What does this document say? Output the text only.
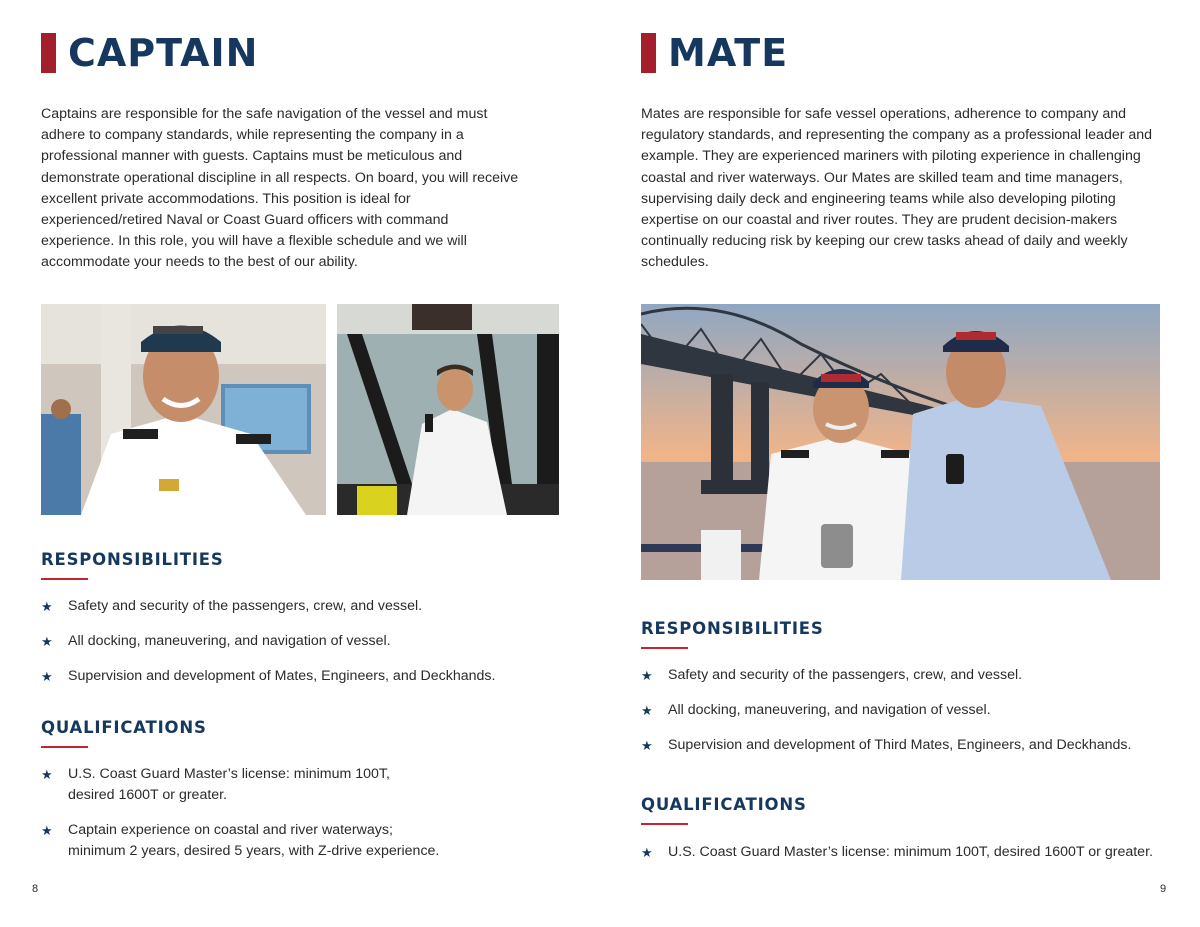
CAPTAIN

Captains are responsible for the safe navigation of the vessel and must adhere to company standards, while representing the company in a professional manner with guests. Captains must be meticulous and demonstrate operational discipline in all respects. On board, you will receive excellent private accommodations. This position is ideal for experienced/retired Naval or Coast Guard officers with command experience. In this role, you will have a flexible schedule and we will accommodate your needs to the best of our ability.

RESPONSIBILITIES
★ Safety and security of the passengers, crew, and vessel.
★ All docking, maneuvering, and navigation of vessel.
★ Supervision and development of Mates, Engineers, and Deckhands.
QUALIFICATIONS
★ U.S. Coast Guard Master’s license: minimum 100T,
desired 1600T or greater.
★ Captain experience on coastal and river waterways;
minimum 2 years, desired 5 years, with Z-drive experience.
8
MATE

Mates are responsible for safe vessel operations, adherence to company and regulatory standards, and representing the company as a professional leader and example. They are experienced mariners with piloting experience in challenging coastal and river waterways. Our Mates are skilled team and time managers, supervising daily deck and engineering teams while also developing piloting expertise on our coastal and river routes. They are prudent decision-makers continually reducing risk by keeping our crew tasks ahead of daily and weekly schedules.

RESPONSIBILITIES
★ Safety and security of the passengers, crew, and vessel.
★ All docking, maneuvering, and navigation of vessel.
★ Supervision and development of Third Mates, Engineers, and Deckhands.
QUALIFICATIONS
★ U.S. Coast Guard Master’s license: minimum 100T, desired 1600T or greater.
9
